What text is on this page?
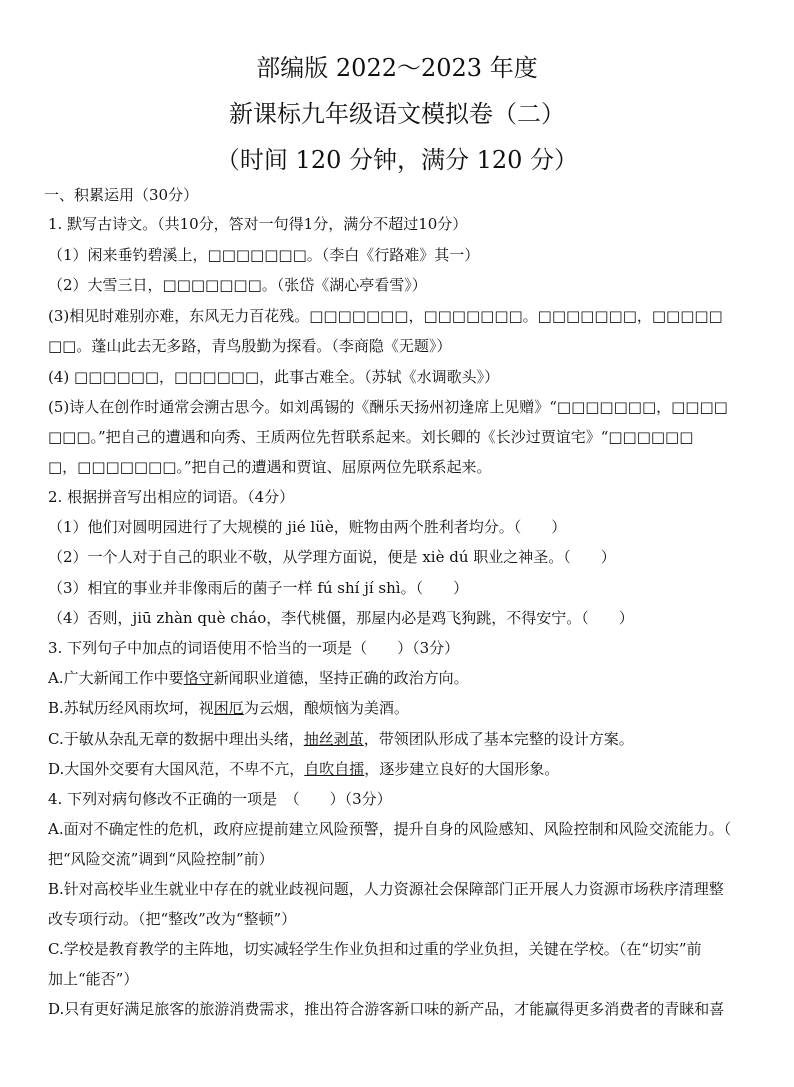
部编版 2022～2023 年度
新课标九年级语文模拟卷（二）
（时间 120 分钟，满分 120 分）
一、积累运用（30分）
1. 默写古诗文。（共10分，答对一句得1分，满分不超过10分）
（1）闲来垂钓碧溪上，□□□□□□□。（李白《行路难》其一）
（2）大雪三日，□□□□□□□。（张岱《湖心亭看雪》）
(3)相见时难别亦难，东风无力百花残。□□□□□□□，□□□□□□□。□□□□□□□，□□□□□
□□。蓬山此去无多路，青鸟殷勤为探看。（李商隐《无题》）
(4) □□□□□□，□□□□□□，此事古难全。（苏轼《水调歌头》）
(5)诗人在创作时通常会溯古思今。如刘禹锡的《酬乐天扬州初逢席上见赠》“□□□□□□□，□□□□
□□□。”把自己的遭遇和向秀、王质两位先哲联系起来。刘长卿的《长沙过贾谊宅》“□□□□□□
□，□□□□□□□。”把自己的遭遇和贾谊、屈原两位先联系起来。
2. 根据拼音写出相应的词语。（4分）
（1）他们对圆明园进行了大规模的 jié lüè，赃物由两个胜利者均分。（　　）
（2）一个人对于自己的职业不敬，从学理方面说，便是 xiè dú 职业之神圣。（　　）
（3）相宜的事业并非像雨后的菌子一样 fú shí jí shì。（　　）
（4）否则，jiū zhàn què cháo，李代桃僵，那屋内必是鸡飞狗跳，不得安宁。（　　）
3. 下列句子中加点的词语使用不恰当的一项是（　　）（3分）
A.广大新闻工作中要恪守新闻职业道德，坚持正确的政治方向。
B.苏轼历经风雨坎坷，视困厄为云烟，酿烦恼为美酒。
C.于敏从杂乱无章的数据中理出头绪，抽丝剥茧，带领团队形成了基本完整的设计方案。
D.大国外交要有大国风范，不卑不亢，自吹自擂，逐步建立良好的大国形象。
4. 下列对病句修改不正确的一项是　（　　）（3分）
A.面对不确定性的危机，政府应提前建立风险预警，提升自身的风险感知、风险控制和风险交流能力。（
把“风险交流”调到“风险控制”前）
B.针对高校毕业生就业中存在的就业歧视问题，人力资源社会保障部门正开展人力资源市场秩序清理整
改专项行动。（把“整改”改为“整顿”）
C.学校是教育教学的主阵地，切实减轻学生作业负担和过重的学业负担，关键在学校。（在“切实”前
加上“能否”）
D.只有更好满足旅客的旅游消费需求，推出符合游客新口味的新产品，才能赢得更多消费者的青睐和喜
